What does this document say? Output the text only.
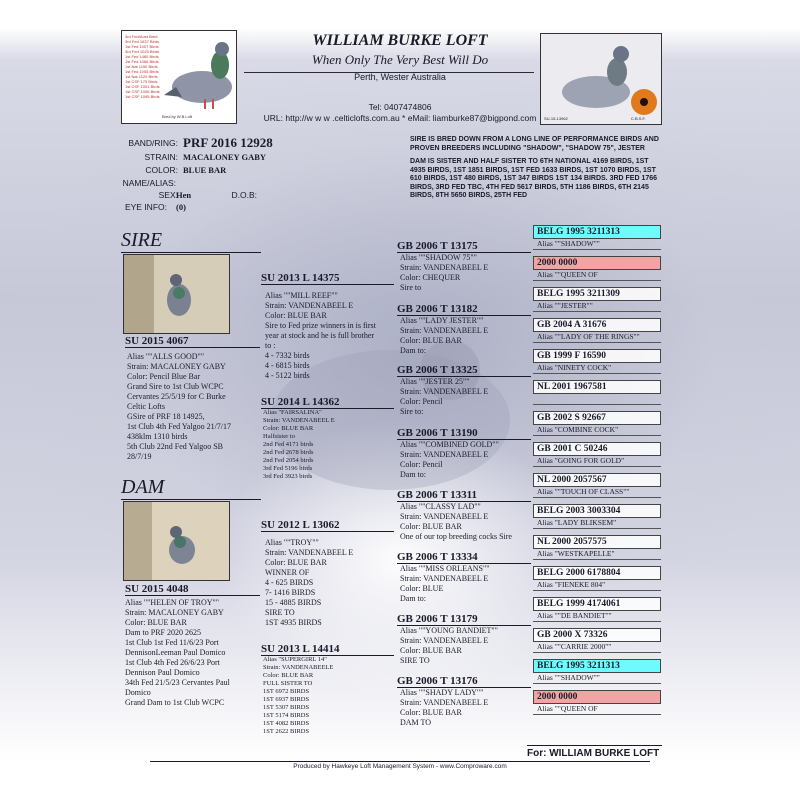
3rd Fed/Aust Bred
3rd Fed 1637 Birds
1st Fed 1007 Birds
3rd Fed 1025 Birds
1st Fed 1480 Birds
1st Fed 1066 Birds
1st Nat 1150 Birds
1st Fed 1005 Birds
1st Nat 1120 Birds
1st CSF 175 Birds
1st CSF 1001 Birds
1st CSF 1005 Birds
1st CSF 1095 Birds
Bred by W.B.Loft	SU-15-13962	C.B.S.F.
WILLIAM BURKE LOFT
When Only The Very Best Will Do
Perth, Wester Australia
Tel: 0407474806
URL: http://w w w .celticlofts.com.au * eMail: liamburke87@bigpond.com
BAND/RING: PRF 2016 12928
STRAIN: MACALONEY GABY
COLOR: BLUE BAR
NAME/ALIAS:
SEX:
Hen	D.O.B:
EYE INFO: (0)

SIRE IS BRED DOWN FROM A LONG LINE OF PERFORMANCE BIRDS AND PROVEN BREEDERS INCLUDING "SHADOW", "SHADOW 75", JESTER

DAM IS SISTER AND HALF SISTER TO 6TH NATIONAL 4169 BIRDS, 1ST 4935 BIRDS, 1ST 1851 BIRDS, 1ST FED 1633 BIRDS, 1ST 1070 BIRDS, 1ST 610 BIRDS, 1ST 480 BIRDS, 1ST 347 BIRDS 1ST 134 BIRDS. 3RD FED 1766 BIRDS, 3RD FED TBC, 4TH FED 5617 BIRDS, 5TH 1186 BIRDS, 6TH 2145 BIRDS, 8TH 5650 BIRDS, 25TH FED

SIRE
SU 2015 4067
Alias ""ALLS GOOD""
Strain: MACALONEY GABY
Color: Pencil Blue Bar
Grand Sire to 1st Club WCPC
Cervantes 25/5/19 for C Burke
Celtic Lofts
GSire of PRF 18 14925,
1st Club 4th Fed Yalgoo 21/7/17
438klm 1310 birds
5th Club 22nd Fed Yalgoo SB
28/7/19
DAM
SU 2015 4048
Alias ""HELEN OF TROY""
Strain: MACALONEY GABY
Color: BLUE BAR
Dam to PRF 2020 2625
1st Club 1st Fed 11/6/23 Port
DennisonLeeman Paul Domico
1st Club 4th Fed 26/6/23 Port
Dennison Paul Domico
34th Fed 21/5/23 Cervantes Paul
Domico
Grand Dam to 1st Club WCPC
SU 2013 L 14375
Alias ""MILL REEF""
Strain: VANDENABEEL E
Color: BLUE BAR
Sire to Fed prize winners in is first
year at stock and he is full brother
to :
4 - 7332 birds
4 - 6815 birds
4 - 5122 birds
SU 2014 L 14362
Alias "FAIRSALINA"
Strain: VANDENABEEL E
Color: BLUE BAR
Halfsister to
2nd Fed 4171 birds
2nd Fed 2678 birds
2nd Fed 2054 birds
3rd Fed 5196 birds
3rd Fed 3923 birds
SU 2012 L 13062
Alias ""TROY""
Strain: VANDENABEEL E
Color: BLUE BAR
WINNER OF
4 - 625 BIRDS
7- 1416 BIRDS
15 - 4885 BIRDS
SIRE TO
1ST 4935 BIRDS
SU 2013 L 14414
Alias "SUPERGIRL 14"
Strain: VANDENABEELE
Color: BLUE BAR
FULL SISTER TO
1ST 6972 BIRDS
1ST 6937 BIRDS
1ST 5307 BIRDS
1ST 5174 BIRDS
1ST 4082 BIRDS
1ST 2622 BIRDS
GB 2006 T 13175
Alias ""SHADOW 75""
Strain: VANDENABEEL E
Color: CHEQUER
Sire to
GB 2006 T 13182
Alias ""LADY JESTER""
Strain: VANDENABEEL E
Color: BLUE BAR
Dam to:
GB 2006 T 13325
Alias ""JESTER 25""
Strain: VANDENABEEL E
Color: Pencil
Sire to:
GB 2006 T 13190
Alias ""COMBINED GOLD""
Strain: VANDENABEEL E
Color: Pencil
Dam to:
GB 2006 T 13311
Alias ""CLASSY LAD""
Strain: VANDENABEEL E
Color: BLUE BAR
One of our top breeding cocks Sire
GB 2006 T 13334
Alias ""MISS ORLEANS""
Strain: VANDENABEEL E
Color: BLUE
Dam to:
GB 2006 T 13179
Alias ""YOUNG BANDIET""
Strain: VANDENABEEL E
Color: BLUE BAR
SIRE TO
GB 2006 T 13176
Alias ""SHADY LADY""
Strain: VANDENABEEL E
Color: BLUE BAR
DAM TO
BELG 1995 3211313
Alias ""SHADOW""
2000 0000
Alias ""QUEEN OF
BELG 1995 3211309
Alias ""JESTER""
GB 2004 A 31676
Alias ""LADY OF THE RINGS""
GB 1999 F 16590
Alias "NINETY COCK"
NL 2001 1967581
GB 2002 S 92667
Alias "COMBINE COCK"
GB 2001 C 50246
Alias "GOING FOR GOLD"
NL 2000 2057567
Alias ""TOUCH OF CLASS""
BELG 2003 3003304
Alias "LADY BLIKSEM"
NL 2000 2057575
Alias "WESTKAPELLE"
BELG 2000 6178804
Alias "FIENEKE 804"
BELG 1999 4174061
Alias ""DE BANDIET""
GB 2000 X 73326
Alias ""CARRIE 2000""
BELG 1995 3211313
Alias ""SHADOW""
2000 0000
Alias ""QUEEN OF
For: WILLIAM BURKE LOFT
Produced by Hawkeye Loft Management System - www.Comproware.com
